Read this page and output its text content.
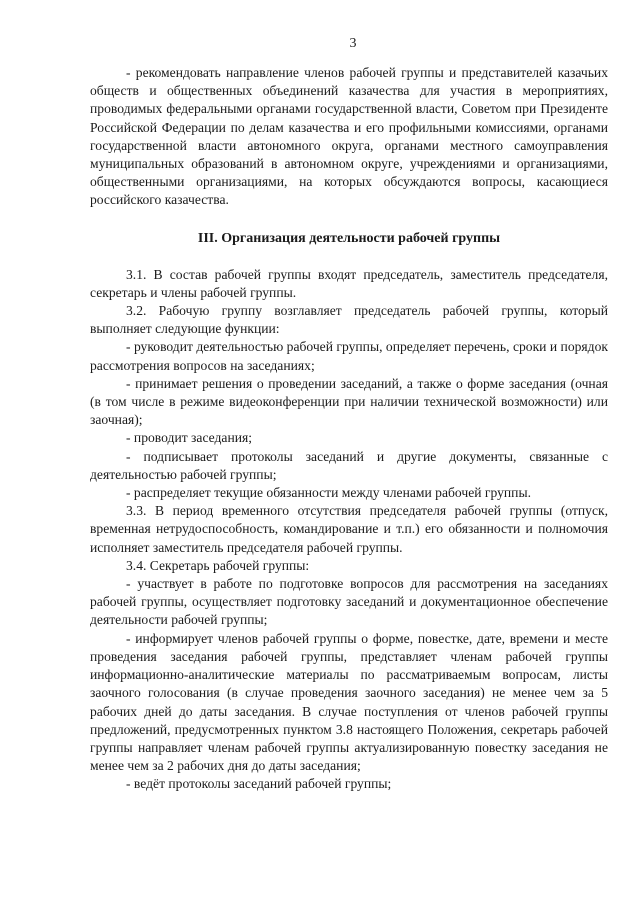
3

- рекомендовать направление членов рабочей группы и представителей казачьих обществ и общественных объединений казачества для участия в мероприятиях, проводимых федеральными органами государственной власти, Советом при Президенте Российской Федерации по делам казачества и его профильными комиссиями, органами государственной власти автономного округа, органами местного самоуправления муниципальных образований в автономном округе, учреждениями и организациями, общественными организациями, на которых обсуждаются вопросы, касающиеся российского казачества.

III. Организация деятельности рабочей группы

3.1. В состав рабочей группы входят председатель, заместитель председателя, секретарь и члены рабочей группы.

3.2. Рабочую группу возглавляет председатель рабочей группы, который выполняет следующие функции:

- руководит деятельностью рабочей группы, определяет перечень, сроки и порядок рассмотрения вопросов на заседаниях;

- принимает решения о проведении заседаний, а также о форме заседания (очная (в том числе в режиме видеоконференции при наличии технической возможности) или заочная);

- проводит заседания;

- подписывает протоколы заседаний и другие документы, связанные с деятельностью рабочей группы;

- распределяет текущие обязанности между членами рабочей группы.

3.3. В период временного отсутствия председателя рабочей группы (отпуск, временная нетрудоспособность, командирование и т.п.) его обязанности и полномочия исполняет заместитель председателя рабочей группы.

3.4. Секретарь рабочей группы:

- участвует в работе по подготовке вопросов для рассмотрения на заседаниях рабочей группы, осуществляет подготовку заседаний и документационное обеспечение деятельности рабочей группы;

- информирует членов рабочей группы о форме, повестке, дате, времени и месте проведения заседания рабочей группы, представляет членам рабочей группы информационно-аналитические материалы по рассматриваемым вопросам, листы заочного голосования (в случае проведения заочного заседания) не менее чем за 5 рабочих дней до даты заседания. В случае поступления от членов рабочей группы предложений, предусмотренных пунктом 3.8 настоящего Положения, секретарь рабочей группы направляет членам рабочей группы актуализированную повестку заседания не менее чем за 2 рабочих дня до даты заседания;

- ведёт протоколы заседаний рабочей группы;
